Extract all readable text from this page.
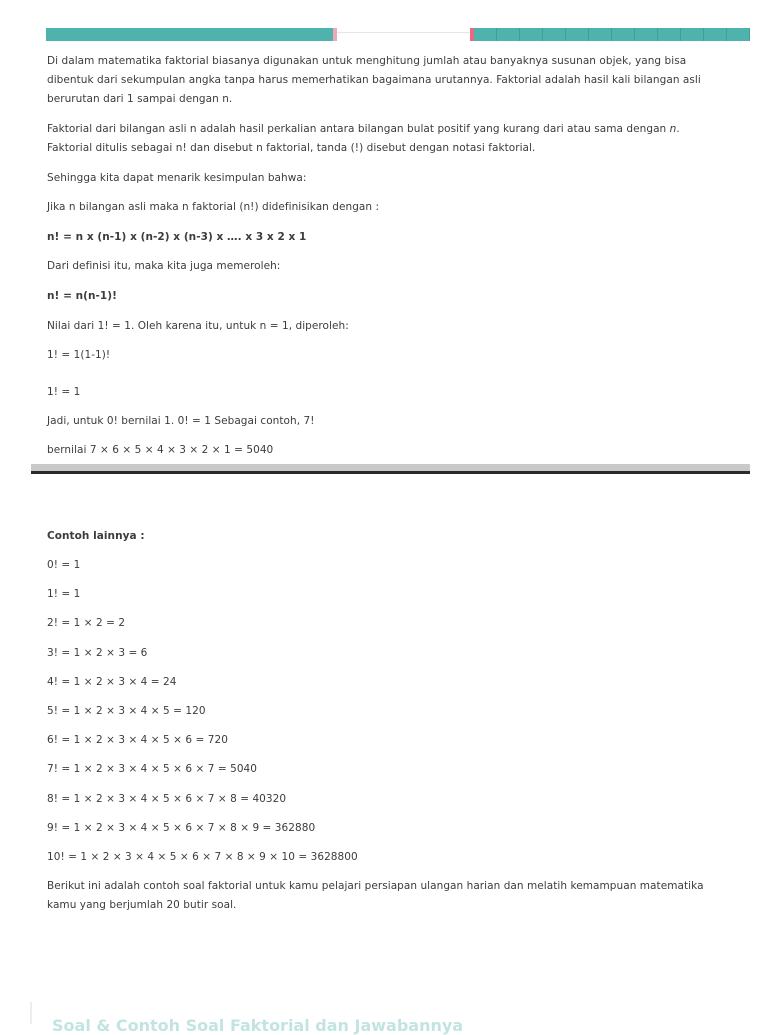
Di dalam matematika faktorial biasanya digunakan untuk menghitung jumlah atau banyaknya susunan objek, yang bisa dibentuk dari sekumpulan angka tanpa harus memerhatikan bagaimana urutannya. Faktorial adalah hasil kali bilangan asli berurutan dari 1 sampai dengan n.

Faktorial dari bilangan asli n adalah hasil perkalian antara bilangan bulat positif yang kurang dari atau sama dengan n. Faktorial ditulis sebagai n! dan disebut n faktorial, tanda (!) disebut dengan notasi faktorial.

Sehingga kita dapat menarik kesimpulan bahwa:

Jika n bilangan asli maka n faktorial (n!) didefinisikan dengan :

n! = n x (n-1) x (n-2) x (n-3) x …. x 3 x 2 x 1

Dari definisi itu, maka kita juga memeroleh:

n! = n(n-1)!

Nilai dari 1! = 1. Oleh karena itu, untuk n = 1, diperoleh:

1! = 1(1-1)!

1! = 1

Jadi, untuk 0! bernilai 1. 0! = 1 Sebagai contoh, 7!

bernilai 7 × 6 × 5 × 4 × 3 × 2 × 1 = 5040

Contoh lainnya :

0! = 1

1! = 1

2! = 1 × 2 = 2

3! = 1 × 2 × 3 = 6

4! = 1 × 2 × 3 × 4 = 24

5! = 1 × 2 × 3 × 4 × 5 = 120

6! = 1 × 2 × 3 × 4 × 5 × 6 = 720

7! = 1 × 2 × 3 × 4 × 5 × 6 × 7 = 5040

8! = 1 × 2 × 3 × 4 × 5 × 6 × 7 × 8 = 40320

9! = 1 × 2 × 3 × 4 × 5 × 6 × 7 × 8 × 9 = 362880

10! = 1 × 2 × 3 × 4 × 5 × 6 × 7 × 8 × 9 × 10 = 3628800

Berikut ini adalah contoh soal faktorial untuk kamu pelajari persiapan ulangan harian dan melatih kemampuan matematika kamu yang berjumlah 20 butir soal.

Soal & Contoh Soal Faktorial dan Jawabannya
